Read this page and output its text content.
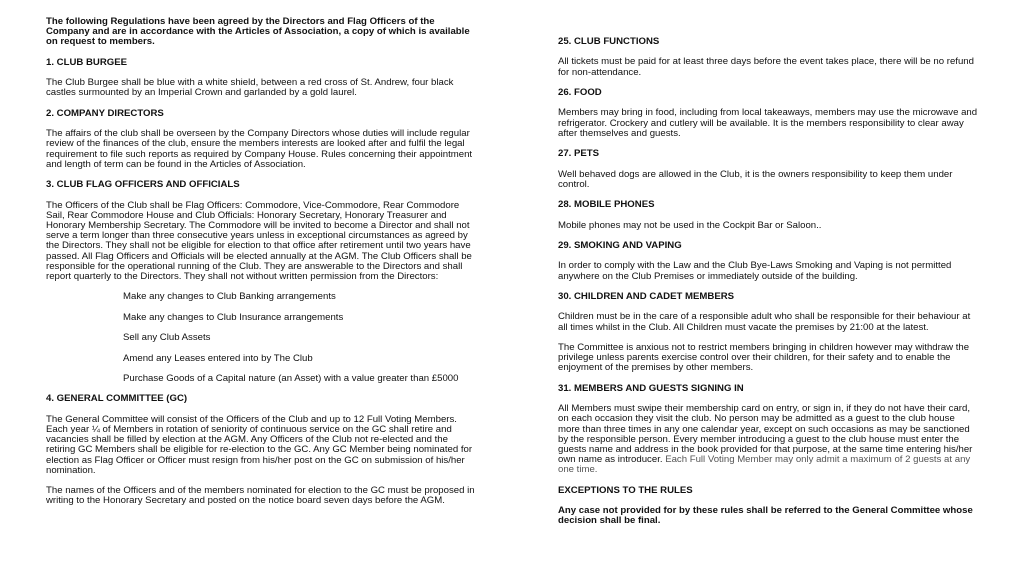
The following Regulations have been agreed by the Directors and Flag Officers of the Company and are in accordance with the Articles of Association, a copy of which is available on request to members.

1. CLUB BURGEE

The Club Burgee shall be blue with a white shield, between a red cross of St. Andrew, four black castles surmounted by an Imperial Crown and garlanded by a gold laurel.

2. COMPANY DIRECTORS

The affairs of the club shall be overseen by the Company Directors whose duties will include regular review of the finances of the club, ensure the members interests are looked after and fulfil the legal requirement to file such reports as required by Company House. Rules concerning their appointment and length of term can be found in the Articles of Association.

3. CLUB FLAG OFFICERS AND OFFICIALS

The Officers of the Club shall be Flag Officers: Commodore, Vice-Commodore, Rear Commodore Sail, Rear Commodore House and Club Officials: Honorary Secretary, Honorary Treasurer and Honorary Membership Secretary. The Commodore will be invited to become a Director and shall not serve a term longer than three consecutive years unless in exceptional circumstances as agreed by the Directors. They shall not be eligible for election to that office after retirement until two years have passed. All Flag Officers and Officials will be elected annually at the AGM. The Club Officers shall be responsible for the operational running of the Club. They are answerable to the Directors and shall report quarterly to the Directors. They shall not without written permission from the Directors:

Make any changes to Club Banking arrangements

Make any changes to Club Insurance arrangements

Sell any Club Assets

Amend any Leases entered into by The Club

Purchase Goods of a Capital nature (an Asset) with a value greater than £5000

4. GENERAL COMMITTEE (GC)

The General Committee will consist of the Officers of the Club and up to 12 Full Voting Members. Each year ¼ of Members in rotation of seniority of continuous service on the GC shall retire and vacancies shall be filled by election at the AGM. Any Officers of the Club not re-elected and the retiring GC Members shall be eligible for re-election to the GC. Any GC Member being nominated for election as Flag Officer or Officer must resign from his/her post on the GC on submission of his/her nomination.

The names of the Officers and of the members nominated for election to the GC must be proposed in writing to the Honorary Secretary and posted on the notice board seven days before the AGM.

25. CLUB FUNCTIONS

All tickets must be paid for at least three days before the event takes place, there will be no refund for non-attendance.

26. FOOD

Members may bring in food, including from local takeaways, members may use the microwave and refrigerator. Crockery and cutlery will be available. It is the members responsibility to clear away after themselves and guests.

27. PETS

Well behaved dogs are allowed in the Club, it is the owners responsibility to keep them under control.

28. MOBILE PHONES

Mobile phones may not be used in the Cockpit Bar or Saloon..

29. SMOKING AND VAPING

In order to comply with the Law and the Club Bye-Laws Smoking and Vaping is not permitted anywhere on the Club Premises or immediately outside of the building.

30. CHILDREN AND CADET MEMBERS

Children must be in the care of a responsible adult who shall be responsible for their behaviour at all times whilst in the Club. All Children must vacate the premises by 21:00 at the latest.

The Committee is anxious not to restrict members bringing in children however may withdraw the privilege unless parents exercise control over their children, for their safety and to enable the enjoyment of the premises by other members.

31. MEMBERS AND GUESTS SIGNING IN

All Members must swipe their membership card on entry, or sign in, if they do not have their card, on each occasion they visit the club. No person may be admitted as a guest to the club house more than three times in any one calendar year, except on such occasions as may be sanctioned by the responsible person. Every member introducing a guest to the club house must enter the guests name and address in the book provided for that purpose, at the same time entering his/her own name as introducer. Each Full Voting Member may only admit a maximum of 2 guests at any one time.

EXCEPTIONS TO THE RULES

Any case not provided for by these rules shall be referred to the General Committee whose decision shall be final.
